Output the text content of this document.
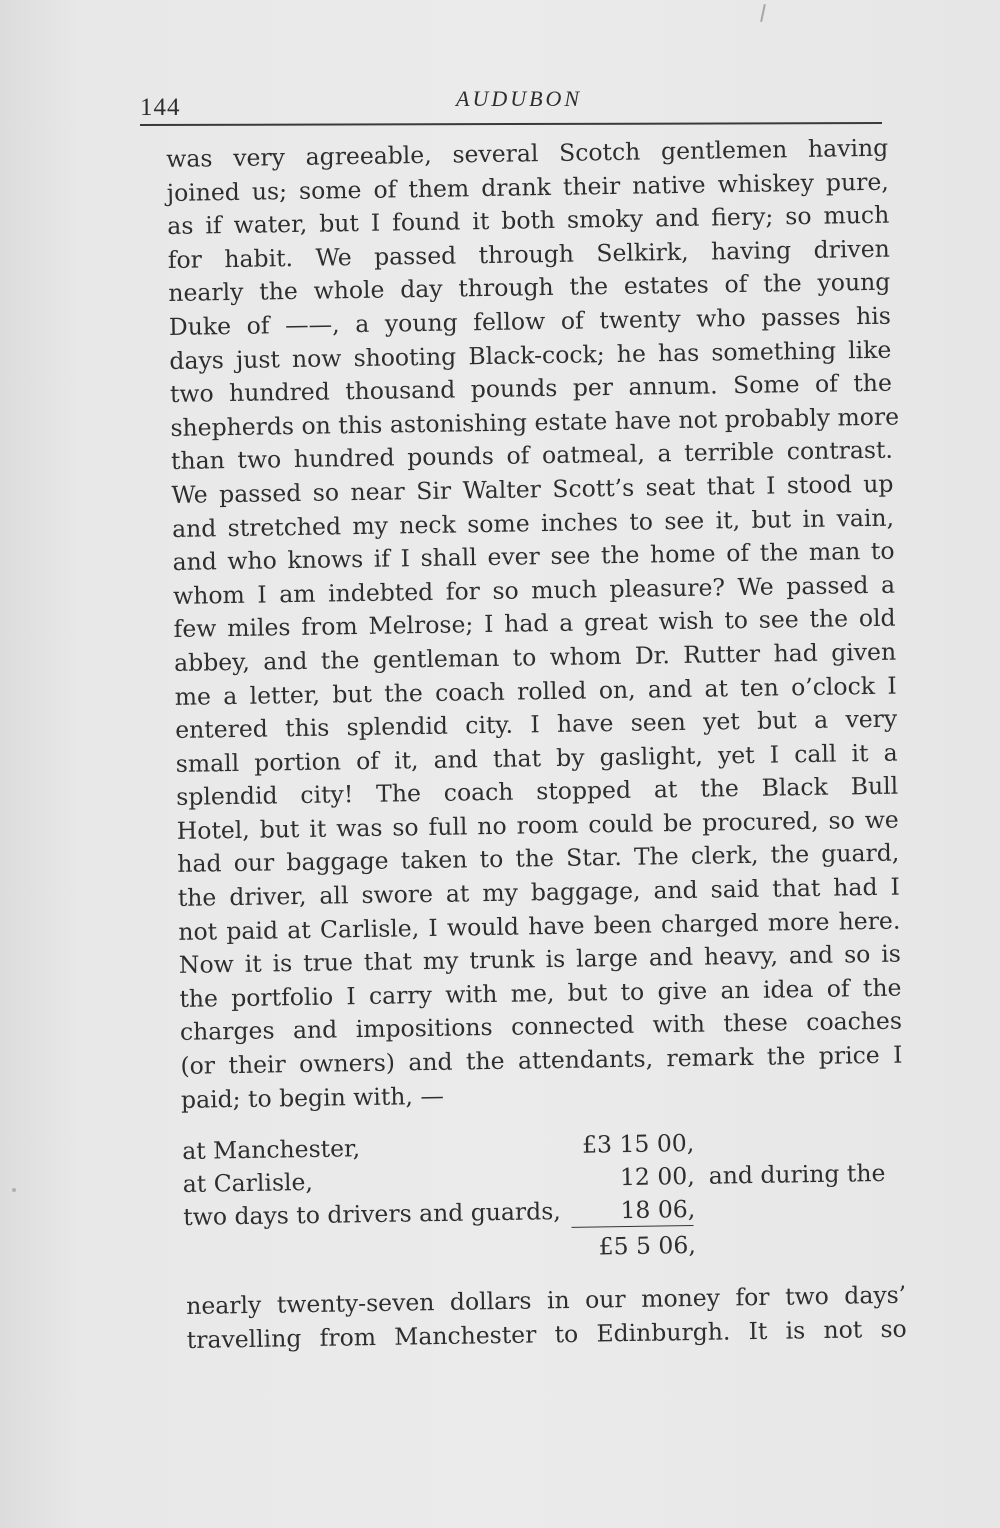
144	AUDUBON
was very agreeable, several Scotch gentlemen having
joined us; some of them drank their native whiskey pure,
as if water, but I found it both smoky and fiery; so much
for habit. We passed through Selkirk, having driven
nearly the whole day through the estates of the young
Duke of ——, a young fellow of twenty who passes his
days just now shooting Black-cock; he has something like
two hundred thousand pounds per annum. Some of the
shepherds on this astonishing estate have not probably more
than two hundred pounds of oatmeal, a terrible contrast.
We passed so near Sir Walter Scott’s seat that I stood up
and stretched my neck some inches to see it, but in vain,
and who knows if I shall ever see the home of the man to
whom I am indebted for so much pleasure? We passed a
few miles from Melrose; I had a great wish to see the old
abbey, and the gentleman to whom Dr. Rutter had given
me a letter, but the coach rolled on, and at ten o’clock I
entered this splendid city. I have seen yet but a very
small portion of it, and that by gaslight, yet I call it a
splendid city! The coach stopped at the Black Bull
Hotel, but it was so full no room could be procured, so we
had our baggage taken to the Star. The clerk, the guard,
the driver, all swore at my baggage, and said that had I
not paid at Carlisle, I would have been charged more here.
Now it is true that my trunk is large and heavy, and so is
the portfolio I carry with me, but to give an idea of the
charges and impositions connected with these coaches
(or their owners) and the attendants, remark the price I
paid; to begin with, —
at Manchester,	£3 15 00,
at Carlisle,	12 00, and during the
two days to drivers and guards,	18 06,
£5 5 06,
nearly twenty-seven dollars in our money for two days’
travelling from Manchester to Edinburgh. It is not so
